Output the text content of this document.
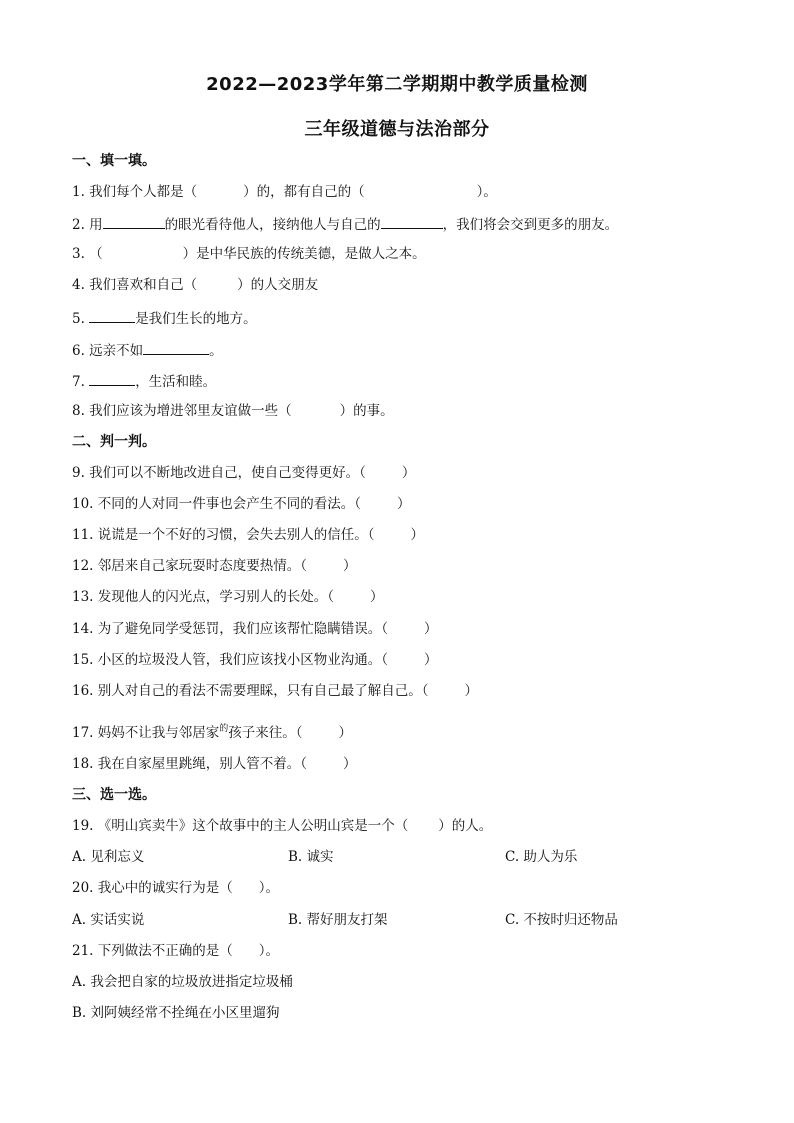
2022—2023学年第二学期期中教学质量检测
三年级道德与法治部分
一、填一填。
1. 我们每个人都是（	）的，都有自己的（	）。
2. 用	的眼光看待他人，接纳他人与自己的	，我们将会交到更多的朋友。
3. （	）是中华民族的传统美德，是做人之本。
4. 我们喜欢和自己（	）的人交朋友
5.	是我们生长的地方。
6. 远亲不如	。
7.	，生活和睦。
8. 我们应该为增进邻里友谊做一些（	）的事。
二、判一判。
9. 我们可以不断地改进自己，使自己变得更好。（	）
10. 不同的人对同一件事也会产生不同的看法。（	）
11. 说谎是一个不好的习惯，会失去别人的信任。（	）
12. 邻居来自己家玩耍时态度要热情。（	）
13. 发现他人的闪光点，学习别人的长处。（	）
14. 为了避免同学受惩罚，我们应该帮忙隐瞒错误。（	）
15. 小区的垃圾没人管，我们应该找小区物业沟通。（	）
16. 别人对自己的看法不需要理睬，只有自己最了解自己。（	）
17. 妈妈不让我与邻居家$^的$孩子来往。（	）
18. 我在自家屋里跳绳，别人管不着。（	）
三、选一选。
19. 《明山宾卖牛》这个故事中的主人公明山宾是一个（ ）的人。
A. 见利忘义	B. 诚实	C. 助人为乐
20. 我心中的诚实行为是（ ）。
A. 实话实说	B. 帮好朋友打架	C. 不按时归还物品
21. 下列做法不正确的是（ ）。
A. 我会把自家的垃圾放进指定垃圾桶
B. 刘阿姨经常不拴绳在小区里遛狗
